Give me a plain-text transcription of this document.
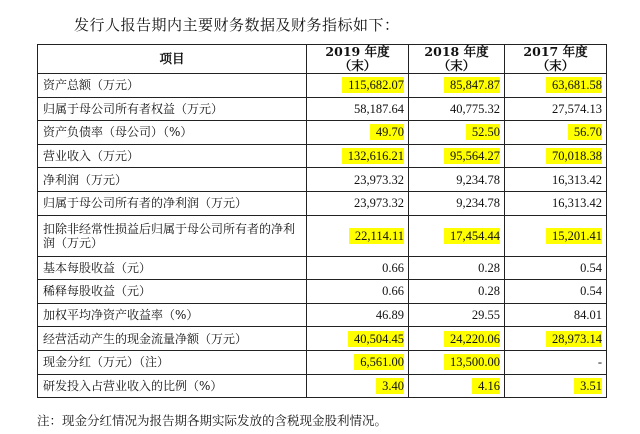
发行人报告期内主要财务数据及财务指标如下：
项目	2019 年度（末）	2018 年度（末）	2017 年度（末）
资产总额（万元）	115,682.07	85,847.87	63,681.58
归属于母公司所有者权益（万元）	58,187.64	40,775.32	27,574.13
资产负债率（母公司）（%）	49.70	52.50	56.70
营业收入（万元）	132,616.21	95,564.27	70,018.38
净利润（万元）	23,973.32	9,234.78	16,313.42
归属于母公司所有者的净利润（万元）	23,973.32	9,234.78	16,313.42
扣除非经常性损益后归属于母公司所有者的净利润（万元）	22,114.11	17,454.44	15,201.41
基本每股收益（元）	0.66	0.28	0.54
稀释每股收益（元）	0.66	0.28	0.54
加权平均净资产收益率（%）	46.89	29.55	84.01
经营活动产生的现金流量净额（万元）	40,504.45	24,220.06	28,973.14
现金分红（万元）（注）	6,561.00	13,500.00	-
研发投入占营业收入的比例（%）	3.40	4.16	3.51
注：现金分红情况为报告期各期实际发放的含税现金股利情况。
